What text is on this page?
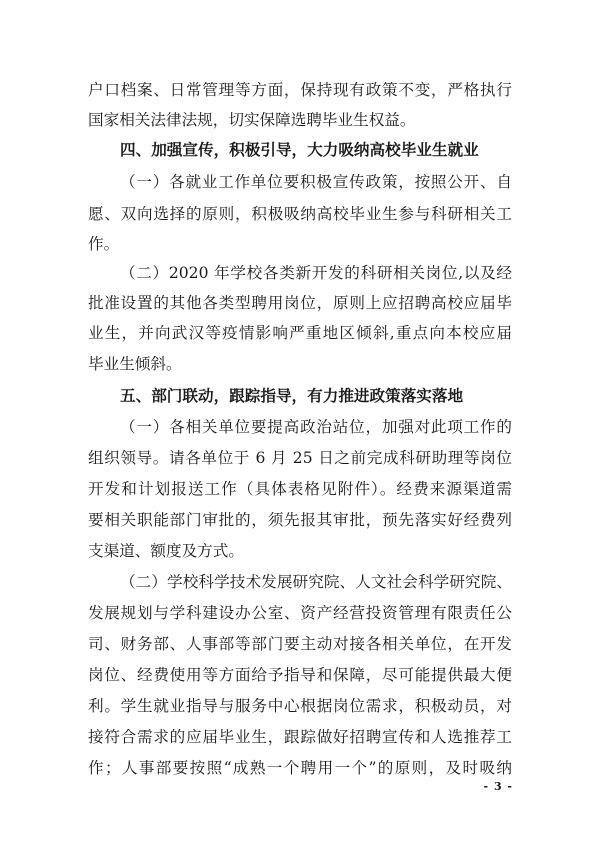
户口档案、日常管理等方面，保持现有政策不变，严格执行
国家相关法律法规，切实保障选聘毕业生权益。
四、加强宣传，积极引导，大力吸纳高校毕业生就业
（一）各就业工作单位要积极宣传政策，按照公开、自
愿、双向选择的原则，积极吸纳高校毕业生参与科研相关工
作。
（二）2020 年学校各类新开发的科研相关岗位,以及经
批准设置的其他各类型聘用岗位，原则上应招聘高校应届毕
业生，并向武汉等疫情影响严重地区倾斜,重点向本校应届
毕业生倾斜。
五、部门联动，跟踪指导，有力推进政策落实落地
（一）各相关单位要提高政治站位，加强对此项工作的
组织领导。请各单位于 6 月 25 日之前完成科研助理等岗位
开发和计划报送工作（具体表格见附件）。经费来源渠道需
要相关职能部门审批的，须先报其审批，预先落实好经费列
支渠道、额度及方式。
（二）学校科学技术发展研究院、人文社会科学研究院、
发展规划与学科建设办公室、资产经营投资管理有限责任公
司、财务部、人事部等部门要主动对接各相关单位，在开发
岗位、经费使用等方面给予指导和保障，尽可能提供最大便
利。学生就业指导与服务中心根据岗位需求，积极动员，对
接符合需求的应届毕业生，跟踪做好招聘宣传和人选推荐工
作；人事部要按照“成熟一个聘用一个”的原则，及时吸纳
- 3 -
